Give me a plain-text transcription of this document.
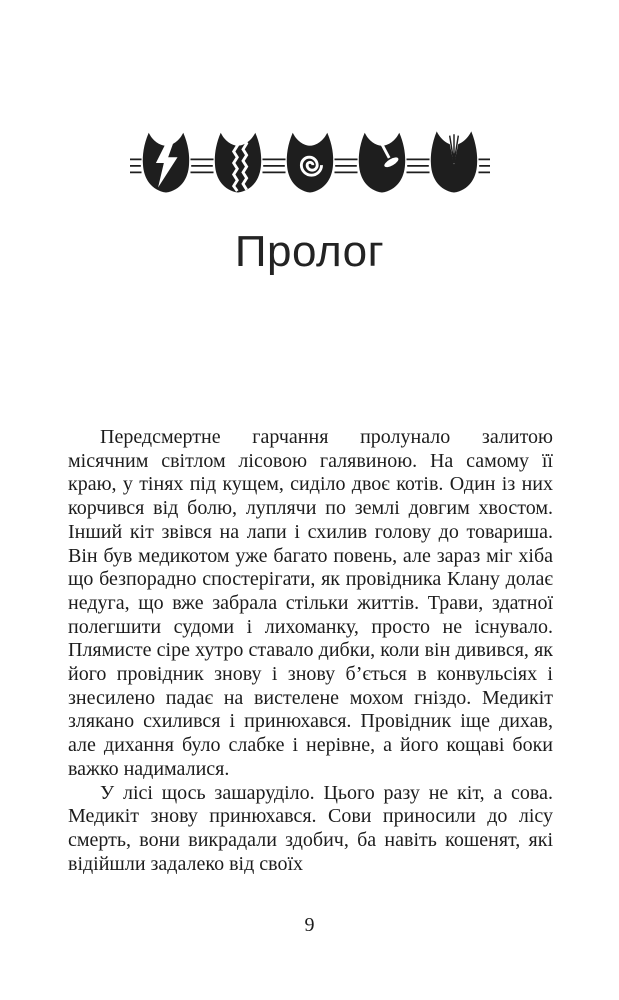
Пролог

Передсмертне гарчання пролунало залитою місячним світлом лісовою галявиною. На самому її краю, у тінях під кущем, сиділо двоє котів. Один із них корчився від болю, луплячи по землі довгим хвостом. Інший кіт звівся на лапи і схилив голову до товариша. Він був медикотом уже багато повень, але зараз міг хіба що безпорадно спостерігати, як провідника Клану долає недуга, що вже забрала стільки життів. Трави, здатної полегшити судоми і лихоманку, просто не існувало. Плямисте сіре хутро ставало дибки, коли він дивився, як його провідник знову і знову б’ється в конвульсіях і знесилено падає на вистелене мохом гніздо. Медикіт злякано схилився і принюхався. Провідник іще дихав, але дихання було слабке і нерівне, а його кощаві боки важко надималися.

У лісі щось зашаруділо. Цього разу не кіт, а сова. Медикіт знову принюхався. Сови приносили до лісу смерть, вони викрадали здобич, ба навіть кошенят, які відійшли задалеко від своїх

9
